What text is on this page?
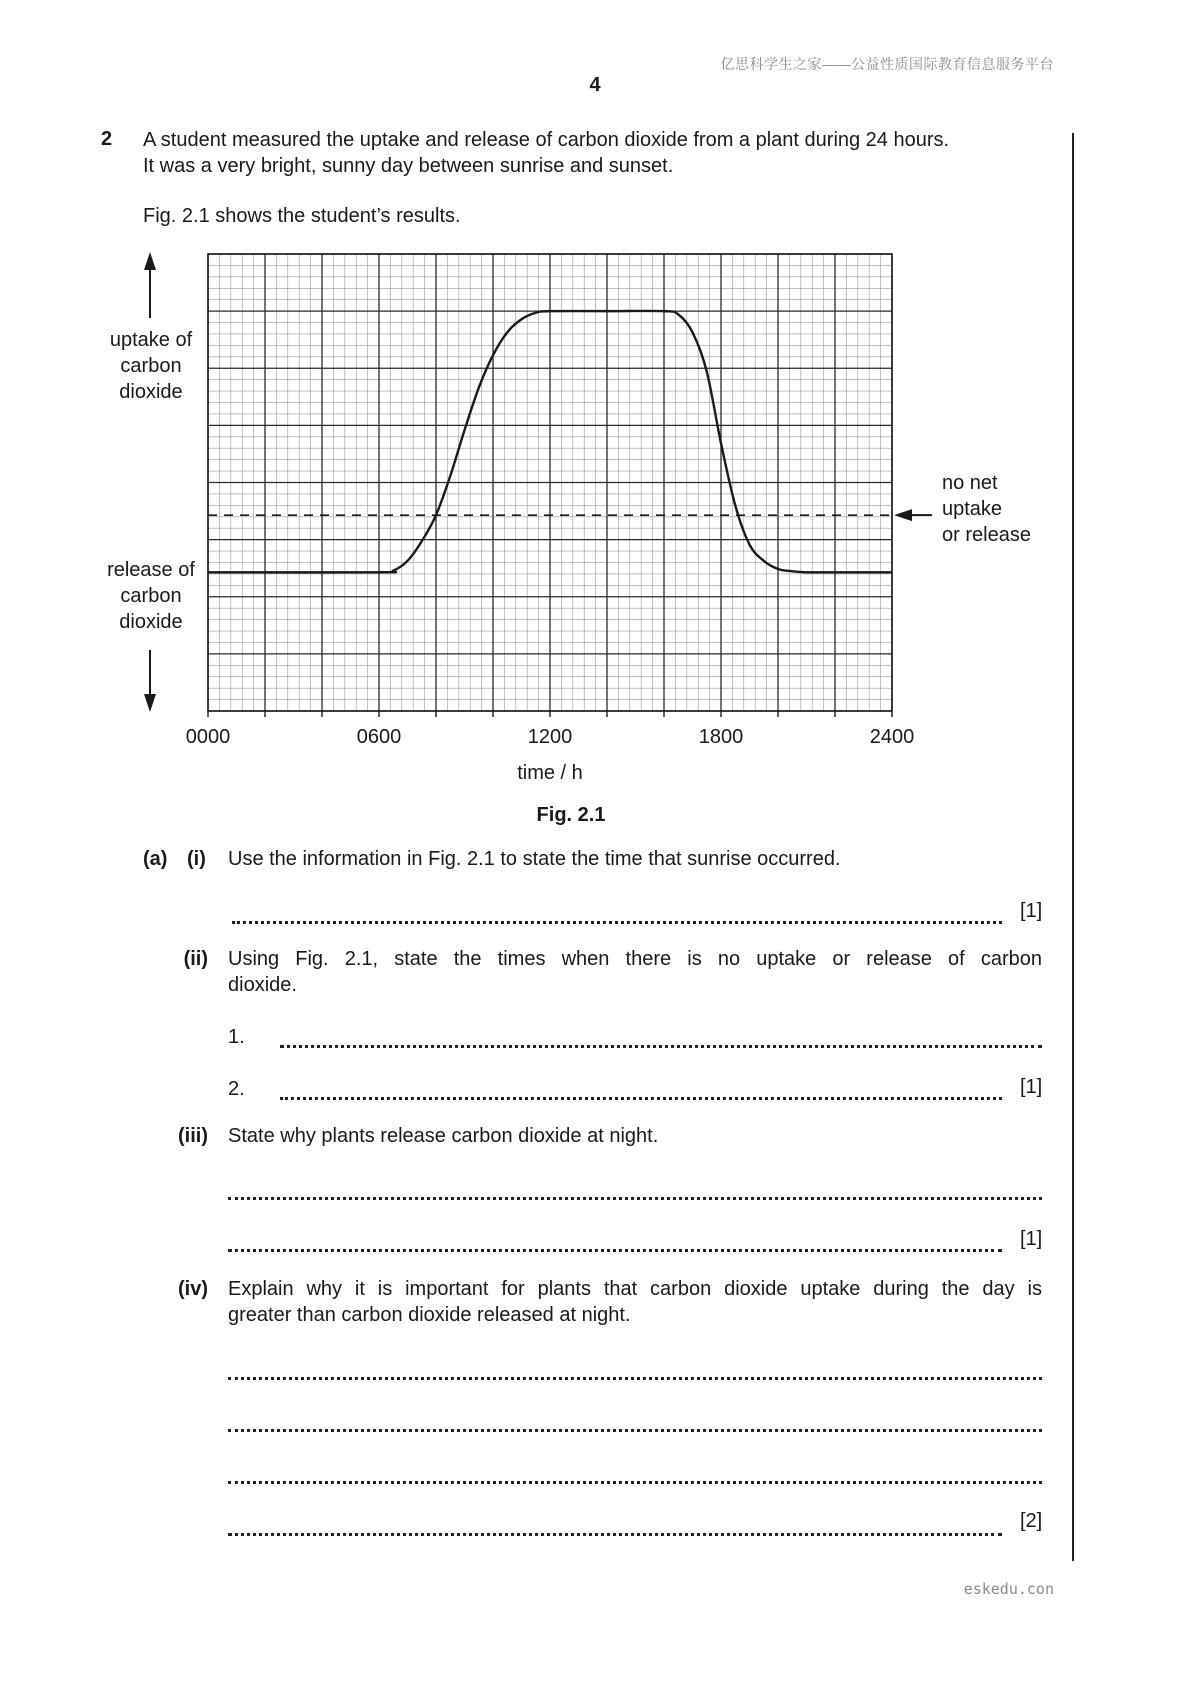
亿思科学生之家——公益性质国际教育信息服务平台
4
2 A student measured the uptake and release of carbon dioxide from a plant during 24 hours.
It was a very bright, sunny day between sunrise and sunset.
Fig. 2.1 shows the student’s results.
uptake of
carbon
dioxide
release of
carbon
dioxide
no net
uptake
or release
0000	0600	1200	1800	2400
time / h
Fig. 2.1
(a) (i) Use the information in Fig. 2.1 to state the time that sunrise occurred.
[1]
(ii) Using Fig. 2.1, state the times when there is no uptake or release of carbon
dioxide.
1.
2.	[1]
(iii) State why plants release carbon dioxide at night.
[1]
(iv) Explain why it is important for plants that carbon dioxide uptake during the day is
greater than carbon dioxide released at night.
[2]
eskedu.con
